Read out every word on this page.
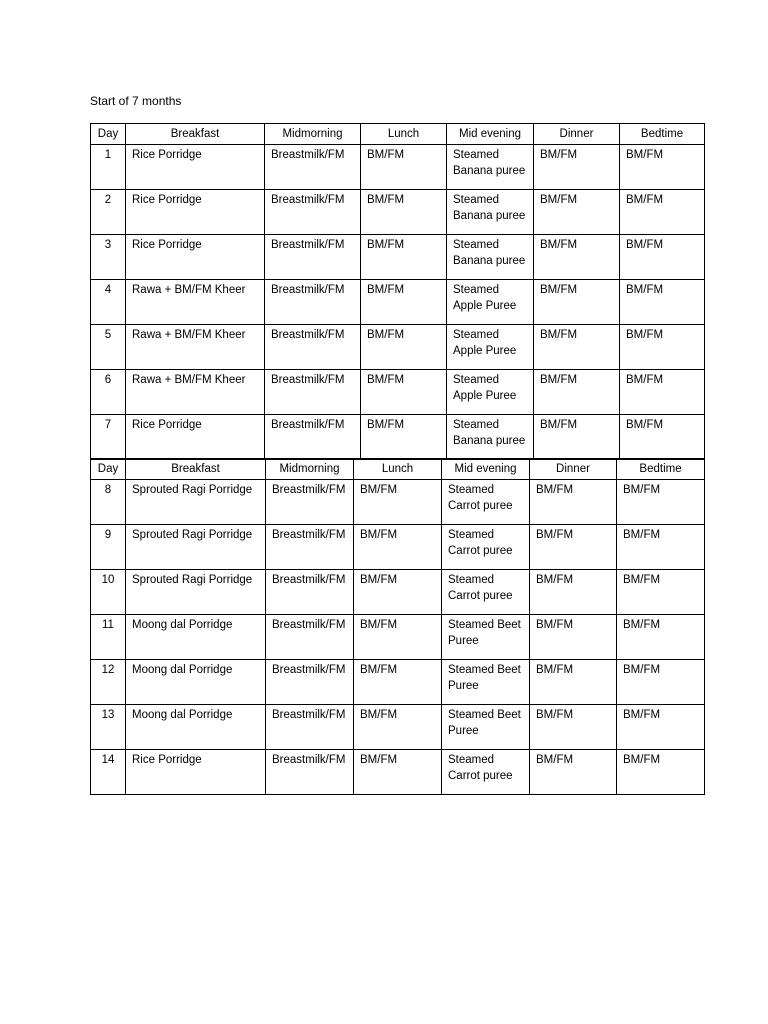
Start of 7 months
Day	Breakfast	Midmorning	Lunch	Mid evening	Dinner	Bedtime
1	Rice Porridge	Breastmilk/FM	BM/FM	Steamed Banana puree	BM/FM	BM/FM
2	Rice Porridge	Breastmilk/FM	BM/FM	Steamed Banana puree	BM/FM	BM/FM
3	Rice Porridge	Breastmilk/FM	BM/FM	Steamed Banana puree	BM/FM	BM/FM
4	Rawa + BM/FM Kheer	Breastmilk/FM	BM/FM	Steamed Apple Puree	BM/FM	BM/FM
5	Rawa + BM/FM Kheer	Breastmilk/FM	BM/FM	Steamed Apple Puree	BM/FM	BM/FM
6	Rawa + BM/FM Kheer	Breastmilk/FM	BM/FM	Steamed Apple Puree	BM/FM	BM/FM
7	Rice Porridge	Breastmilk/FM	BM/FM	Steamed Banana puree	BM/FM	BM/FM
Day	Breakfast	Midmorning	Lunch	Mid evening	Dinner	Bedtime
8	Sprouted Ragi Porridge	Breastmilk/FM	BM/FM	Steamed Carrot puree	BM/FM	BM/FM
9	Sprouted Ragi Porridge	Breastmilk/FM	BM/FM	Steamed Carrot puree	BM/FM	BM/FM
10	Sprouted Ragi Porridge	Breastmilk/FM	BM/FM	Steamed Carrot puree	BM/FM	BM/FM
11	Moong dal Porridge	Breastmilk/FM	BM/FM	Steamed Beet Puree	BM/FM	BM/FM
12	Moong dal Porridge	Breastmilk/FM	BM/FM	Steamed Beet Puree	BM/FM	BM/FM
13	Moong dal Porridge	Breastmilk/FM	BM/FM	Steamed Beet Puree	BM/FM	BM/FM
14	Rice Porridge	Breastmilk/FM	BM/FM	Steamed Carrot puree	BM/FM	BM/FM
